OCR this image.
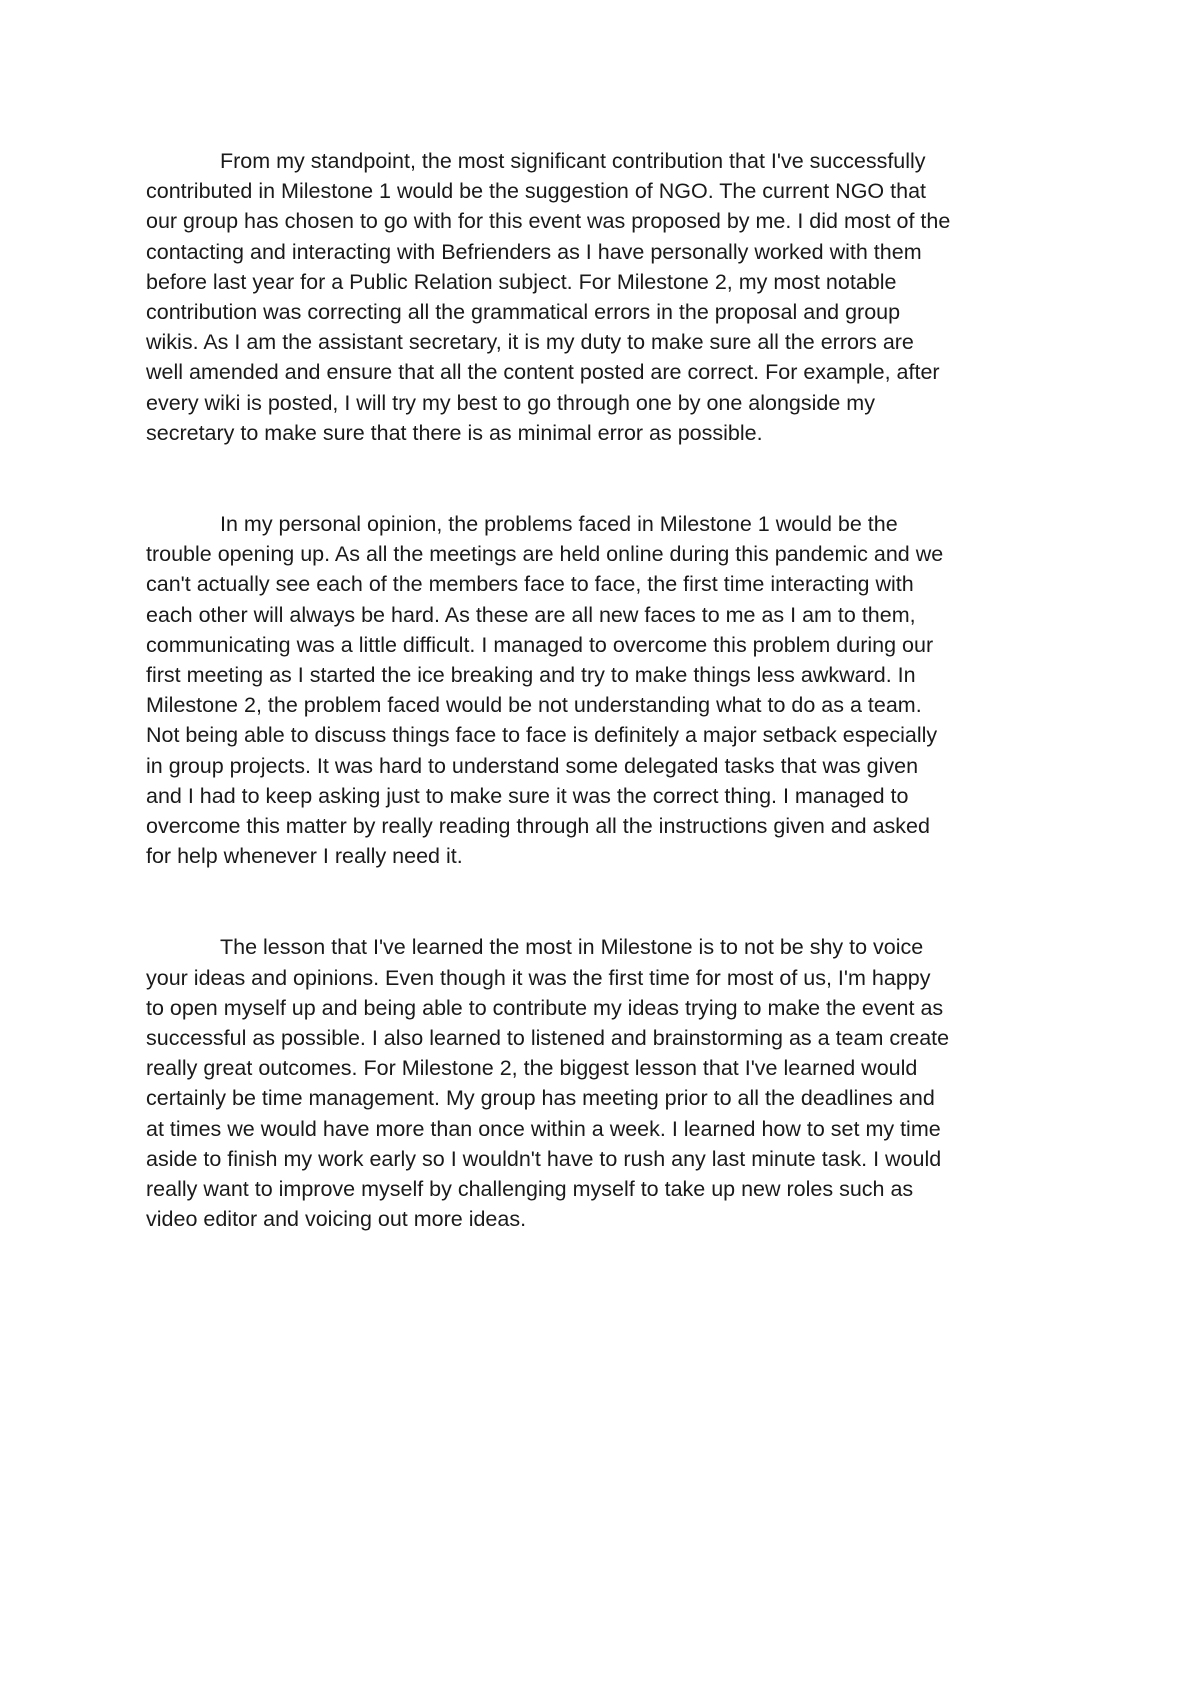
From my standpoint, the most significant contribution that I've successfully
contributed in Milestone 1 would be the suggestion of NGO. The current NGO that
our group has chosen to go with for this event was proposed by me. I did most of the
contacting and interacting with Befrienders as I have personally worked with them
before last year for a Public Relation subject. For Milestone 2, my most notable
contribution was correcting all the grammatical errors in the proposal and group
wikis. As I am the assistant secretary, it is my duty to make sure all the errors are
well amended and ensure that all the content posted are correct. For example, after
every wiki is posted, I will try my best to go through one by one alongside my
secretary to make sure that there is as minimal error as possible.

In my personal opinion, the problems faced in Milestone 1 would be the
trouble opening up. As all the meetings are held online during this pandemic and we
can't actually see each of the members face to face, the first time interacting with
each other will always be hard. As these are all new faces to me as I am to them,
communicating was a little difficult. I managed to overcome this problem during our
first meeting as I started the ice breaking and try to make things less awkward. In
Milestone 2, the problem faced would be not understanding what to do as a team.
Not being able to discuss things face to face is definitely a major setback especially
in group projects. It was hard to understand some delegated tasks that was given
and I had to keep asking just to make sure it was the correct thing. I managed to
overcome this matter by really reading through all the instructions given and asked
for help whenever I really need it.

The lesson that I've learned the most in Milestone is to not be shy to voice
your ideas and opinions. Even though it was the first time for most of us, I'm happy
to open myself up and being able to contribute my ideas trying to make the event as
successful as possible. I also learned to listened and brainstorming as a team create
really great outcomes. For Milestone 2, the biggest lesson that I've learned would
certainly be time management. My group has meeting prior to all the deadlines and
at times we would have more than once within a week. I learned how to set my time
aside to finish my work early so I wouldn't have to rush any last minute task. I would
really want to improve myself by challenging myself to take up new roles such as
video editor and voicing out more ideas.
